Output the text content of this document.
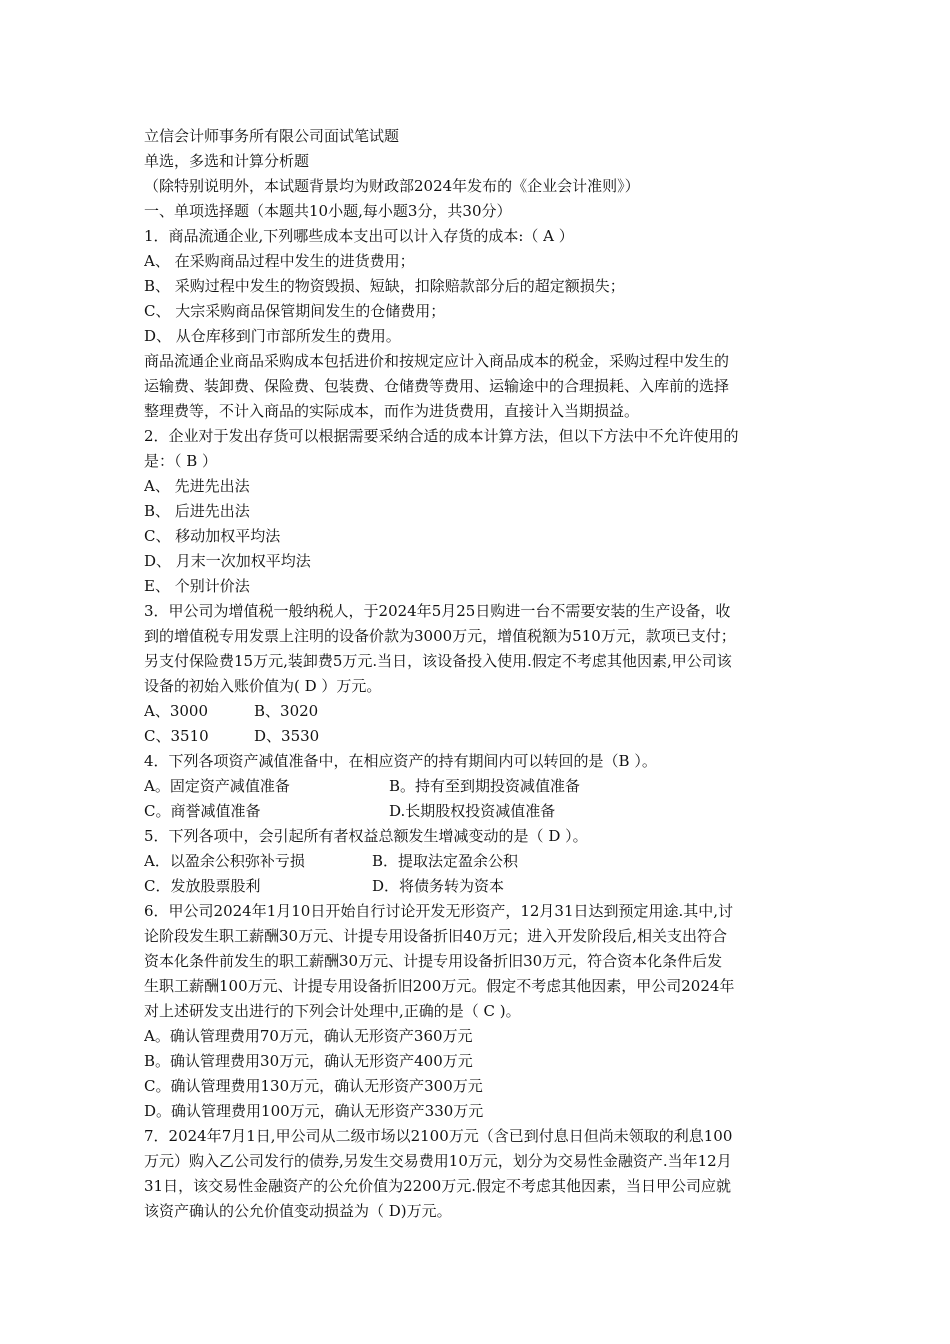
立信会计师事务所有限公司面试笔试题
单选，多选和计算分析题
（除特别说明外，本试题背景均为财政部2024年发布的《企业会计准则》）
一、单项选择题（本题共10小题,每小题3分，共30分）
1．商品流通企业,下列哪些成本支出可以计入存货的成本:（ A ）
A、 在采购商品过程中发生的进货费用；
B、 采购过程中发生的物资毁损、短缺，扣除赔款部分后的超定额损失；
C、 大宗采购商品保管期间发生的仓储费用；
D、 从仓库移到门市部所发生的费用。
商品流通企业商品采购成本包括进价和按规定应计入商品成本的税金，采购过程中发生的
运输费、装卸费、保险费、包装费、仓储费等费用、运输途中的合理损耗、入库前的选择
整理费等，不计入商品的实际成本，而作为进货费用，直接计入当期损益。
2．企业对于发出存货可以根据需要采纳合适的成本计算方法，但以下方法中不允许使用的
是：（ B ）
A、 先进先出法
B、 后进先出法
C、 移动加权平均法
D、 月末一次加权平均法
E、 个别计价法
3．甲公司为增值税一般纳税人，于2024年5月25日购进一台不需要安装的生产设备，收
到的增值税专用发票上注明的设备价款为3000万元，增值税额为510万元，款项已支付；
另支付保险费15万元,装卸费5万元.当日，该设备投入使用.假定不考虑其他因素,甲公司该
设备的初始入账价值为( D ）万元。
A、3000	B、3020
C、3510	D、3530
4．下列各项资产减值准备中，在相应资产的持有期间内可以转回的是（B ）。
A。固定资产减值准备	B。持有至到期投资减值准备
C。商誉减值准备	D.长期股权投资减值准备
5．下列各项中，会引起所有者权益总额发生增减变动的是（ D ）。
A．以盈余公积弥补亏损	B．提取法定盈余公积
C．发放股票股利	D．将债务转为资本
6．甲公司2024年1月10日开始自行讨论开发无形资产，12月31日达到预定用途.其中,讨
论阶段发生职工薪酬30万元、计提专用设备折旧40万元；进入开发阶段后,相关支出符合
资本化条件前发生的职工薪酬30万元、计提专用设备折旧30万元，符合资本化条件后发
生职工薪酬100万元、计提专用设备折旧200万元。假定不考虑其他因素，甲公司2024年
对上述研发支出进行的下列会计处理中,正确的是（ C )。
A。确认管理费用70万元，确认无形资产360万元
B。确认管理费用30万元，确认无形资产400万元
C。确认管理费用130万元，确认无形资产300万元
D。确认管理费用100万元，确认无形资产330万元
7．2024年7月1日,甲公司从二级市场以2100万元（含已到付息日但尚未领取的利息100
万元）购入乙公司发行的债券,另发生交易费用10万元，划分为交易性金融资产.当年12月
31日，该交易性金融资产的公允价值为2200万元.假定不考虑其他因素，当日甲公司应就
该资产确认的公允价值变动损益为（ D)万元。
